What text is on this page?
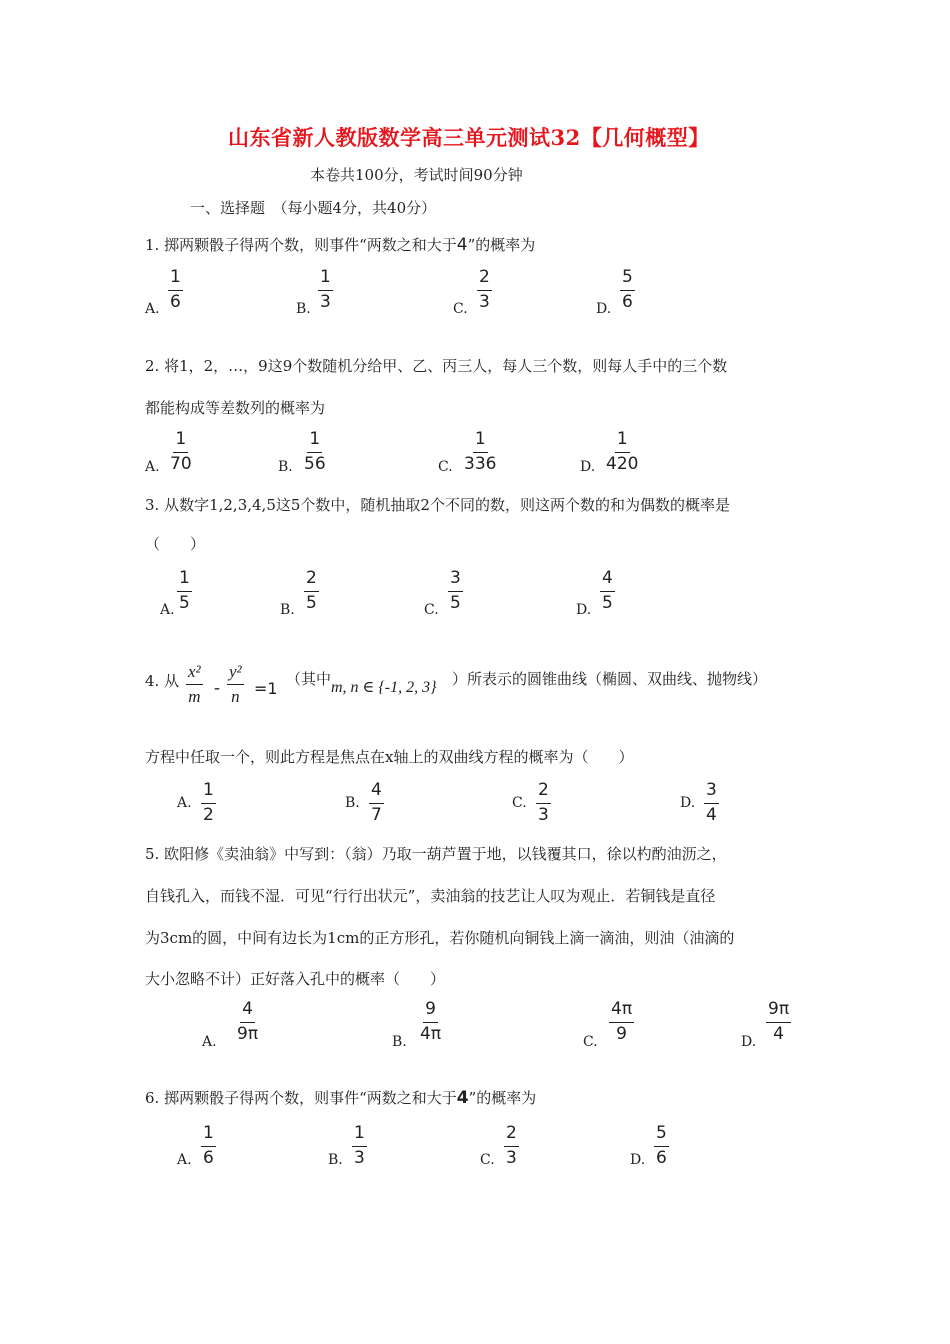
山东省新人教版数学高三单元测试32【几何概型】
本卷共100分，考试时间90分钟
一、选择题　（每小题4分，共40分）
1. 掷两颗骰子得两个数，则事件“两数之和大于4”的概率为
A. $\frac{1}{6}$	B. $\frac{1}{3}$	C. $\frac{2}{3}$	D. $\frac{5}{6}$
2. 将1，2，…，9这9个数随机分给甲、乙、丙三人，每人三个数，则每人手中的三个数
都能构成等差数列的概率为
A. $\frac{1}{70}$	B. $\frac{1}{56}$	C. $\frac{1}{336}$	D. $\frac{1}{420}$
3. 从数字1,2,3,4,5这5个数中，随机抽取2个不同的数，则这两个数的和为偶数的概率是
（　　）
A. $\frac{1}{5}$	B. $\frac{2}{5}$	C. $\frac{3}{5}$	D. $\frac{4}{5}$
4. 从 $\frac{\text{x²}}{m} - \frac{\text{y²}}{n} =1$ （其中 m, n ∈ {-1, 2, 3} ）所表示的圆锥曲线（椭圆、双曲线、抛物线）
方程中任取一个，则此方程是焦点在x轴上的双曲线方程的概率为（　　）
A. $\frac{1}{2}$	B. $\frac{4}{7}$	C. $\frac{2}{3}$	D. $\frac{3}{4}$
5. 欧阳修《卖油翁》中写到：（翁）乃取一葫芦置于地，以钱覆其口，徐以杓酌油沥之，
自钱孔入，而钱不湿．可见“行行出状元”，卖油翁的技艺让人叹为观止．若铜钱是直径
为3cm的圆，中间有边长为1cm的正方形孔，若你随机向铜钱上滴一滴油，则油（油滴的
大小忽略不计）正好落入孔中的概率（　　）
A. $\frac{4}{9\pi}$	B. $\frac{9}{4\pi}$	C. $\frac{4\pi}{9}$	D. $\frac{9\pi}{4}$
6. 掷两颗骰子得两个数，则事件“两数之和大于4”的概率为
A. $\frac{1}{6}$	B. $\frac{1}{3}$	C. $\frac{2}{3}$	D. $\frac{5}{6}$
